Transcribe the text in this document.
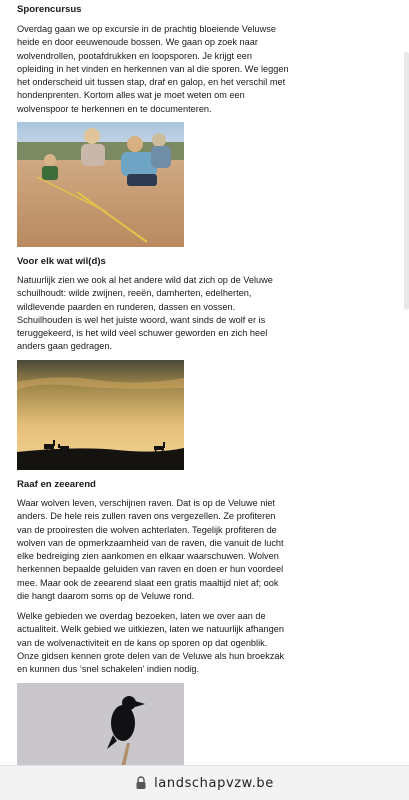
Sporencursus

Overdag gaan we op excursie in de prachtig bloeiende Veluwse heide en door eeuwenoude bossen. We gaan op zoek naar wolvendrollen, pootafdrukken en loopsporen. Je krijgt een opleiding in het vinden en herkennen van al die sporen. We leggen het onderscheid uit tussen stap, draf en galop, en het verschil met hondenprenten. Kortom alles wat je moet weten om een wolvenspoor te herkennen en te documenteren.

Voor elk wat wil(d)s

Natuurlijk zien we ook al het andere wild dat zich op de Veluwe schuilhoudt: wilde zwijnen, reeën, damherten, edelherten, wildlevende paarden en runderen, dassen en vossen. Schuilhouden is wel het juiste woord, want sinds de wolf er is teruggekeerd, is het wild veel schuwer geworden en zich heel anders gaan gedragen.

Raaf en zeearend

Waar wolven leven, verschijnen raven. Dat is op de Veluwe niet anders. De hele reis zullen raven ons vergezellen. Ze profiteren van de prooiresten die wolven achterlaten. Tegelijk profiteren de wolven van de opmerkzaamheid van de raven, die vanuit de lucht elke bedreiging zien aankomen en elkaar waarschuwen. Wolven herkennen bepaalde geluiden van raven en doen er hun voordeel mee. Maar ook de zeearend slaat een gratis maaltijd niet af; ook die hangt daarom soms op de Veluwe rond.

Welke gebieden we overdag bezoeken, laten we over aan de actualiteit. Welk gebied we uitkiezen, laten we natuurlijk afhangen van de wolvenactiviteit en de kans op sporen op dat ogenblik. Onze gidsen kennen grote delen van de Veluwe als hun broekzak en kunnen dus ‘snel schakelen’ indien nodig.

landschapvzw.be
